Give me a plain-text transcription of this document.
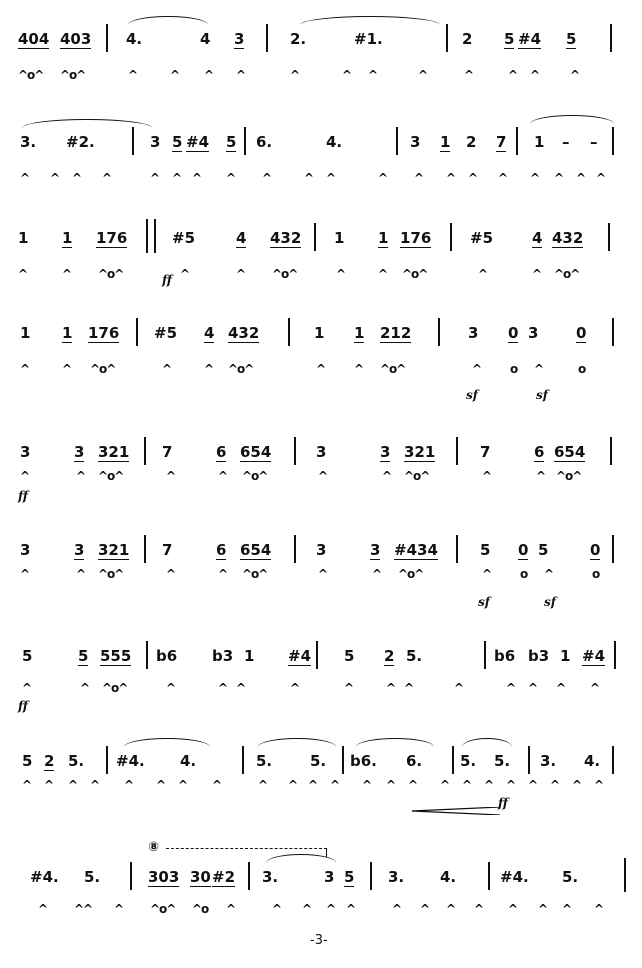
404 403 4.	4 3	2.	#1.	2 5 #4 5
^o^ ^o^	^	^ ^ ^	^	^ ^	^	^	^ ^	^
3. #2.	3 5 #4 5 6.	4.	3 1 2 7 1 – –
^ ^ ^ ^	^ ^ ^ ^ ^	^ ^	^ ^ ^ ^ ^ ^ ^ ^ ^
1 1 176	#5	4 432 1 1 176	#5	4 432
^	^ ^o^	ff ^	^ ^o^	^	^ ^o^	^	^ ^o^
1 1 176 #5 4 432	1 1 212	3 0 3	0
^	^ ^o^	^	^ ^o^	^ ^ ^o^	^ o ^	o
sf	sf
3	3 321 7	6 654	3	3 321	7	6 654
^	^ ^o^	^	^ ^o^	^	^ ^o^	^	^ ^o^
ff
3	3 321 7	6 654	3	3 #434	5 0 5	0
^	^ ^o^	^	^ ^o^	^	^ ^o^	^ o ^	o
sf	sf
5	5 555 b6 b3 1 #4 5 2 5.	b6 b3 1 #4
^	^ ^o^	^	^ ^	^	^	^ ^	^	^ ^ ^ ^
ff
5 2 5. #4. 4.	5.	5. b6. 6.	5. 5. 3. 4.
^ ^ ^ ^ ^ ^ ^ ^	^ ^ ^ ^ ^ ^ ^ ^ ^ ^ ^ ^ ^ ^ ^
ff
⑧
#4. 5.	303 30 #2 3.	3 5 3. 4.	#4. 5.
^ ^^ ^ ^o^ ^o ^	^ ^ ^ ^	^ ^ ^ ^ ^ ^ ^ ^
-3-
